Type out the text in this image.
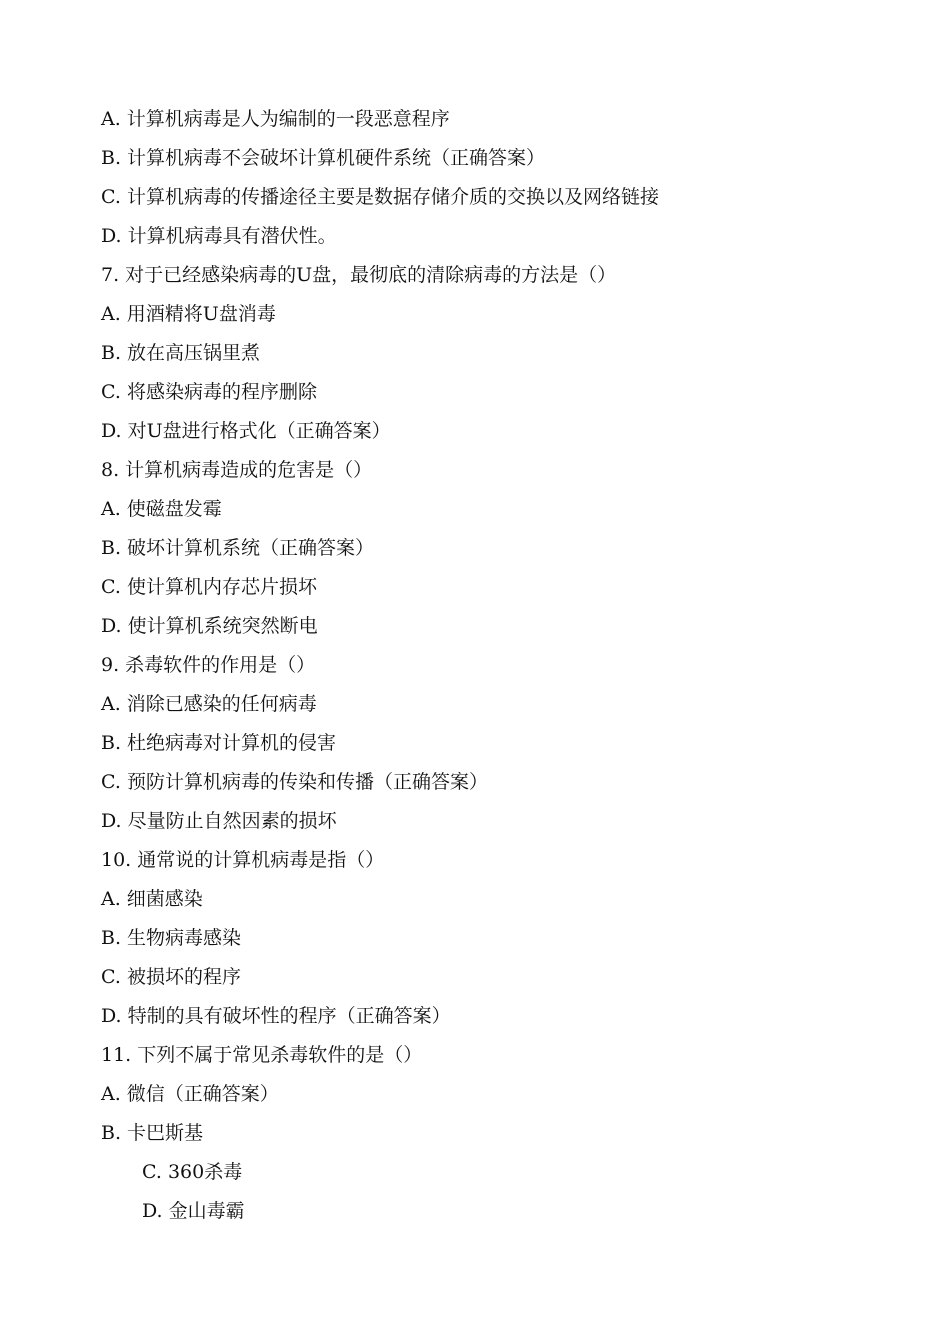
A. 计算机病毒是人为编制的一段恶意程序
B. 计算机病毒不会破坏计算机硬件系统（正确答案）
C. 计算机病毒的传播途径主要是数据存储介质的交换以及网络链接
D. 计算机病毒具有潜伏性。
7. 对于已经感染病毒的U盘，最彻底的清除病毒的方法是（）
A. 用酒精将U盘消毒
B. 放在高压锅里煮
C. 将感染病毒的程序删除
D. 对U盘进行格式化（正确答案）
8. 计算机病毒造成的危害是（）
A. 使磁盘发霉
B. 破坏计算机系统（正确答案）
C. 使计算机内存芯片损坏
D. 使计算机系统突然断电
9. 杀毒软件的作用是（）
A. 消除已感染的任何病毒
B. 杜绝病毒对计算机的侵害
C. 预防计算机病毒的传染和传播（正确答案）
D. 尽量防止自然因素的损坏
10. 通常说的计算机病毒是指（）
A. 细菌感染
B. 生物病毒感染
C. 被损坏的程序
D. 特制的具有破坏性的程序（正确答案）
11. 下列不属于常见杀毒软件的是（）
A. 微信（正确答案）
B. 卡巴斯基
C. 360杀毒
D. 金山毒霸
